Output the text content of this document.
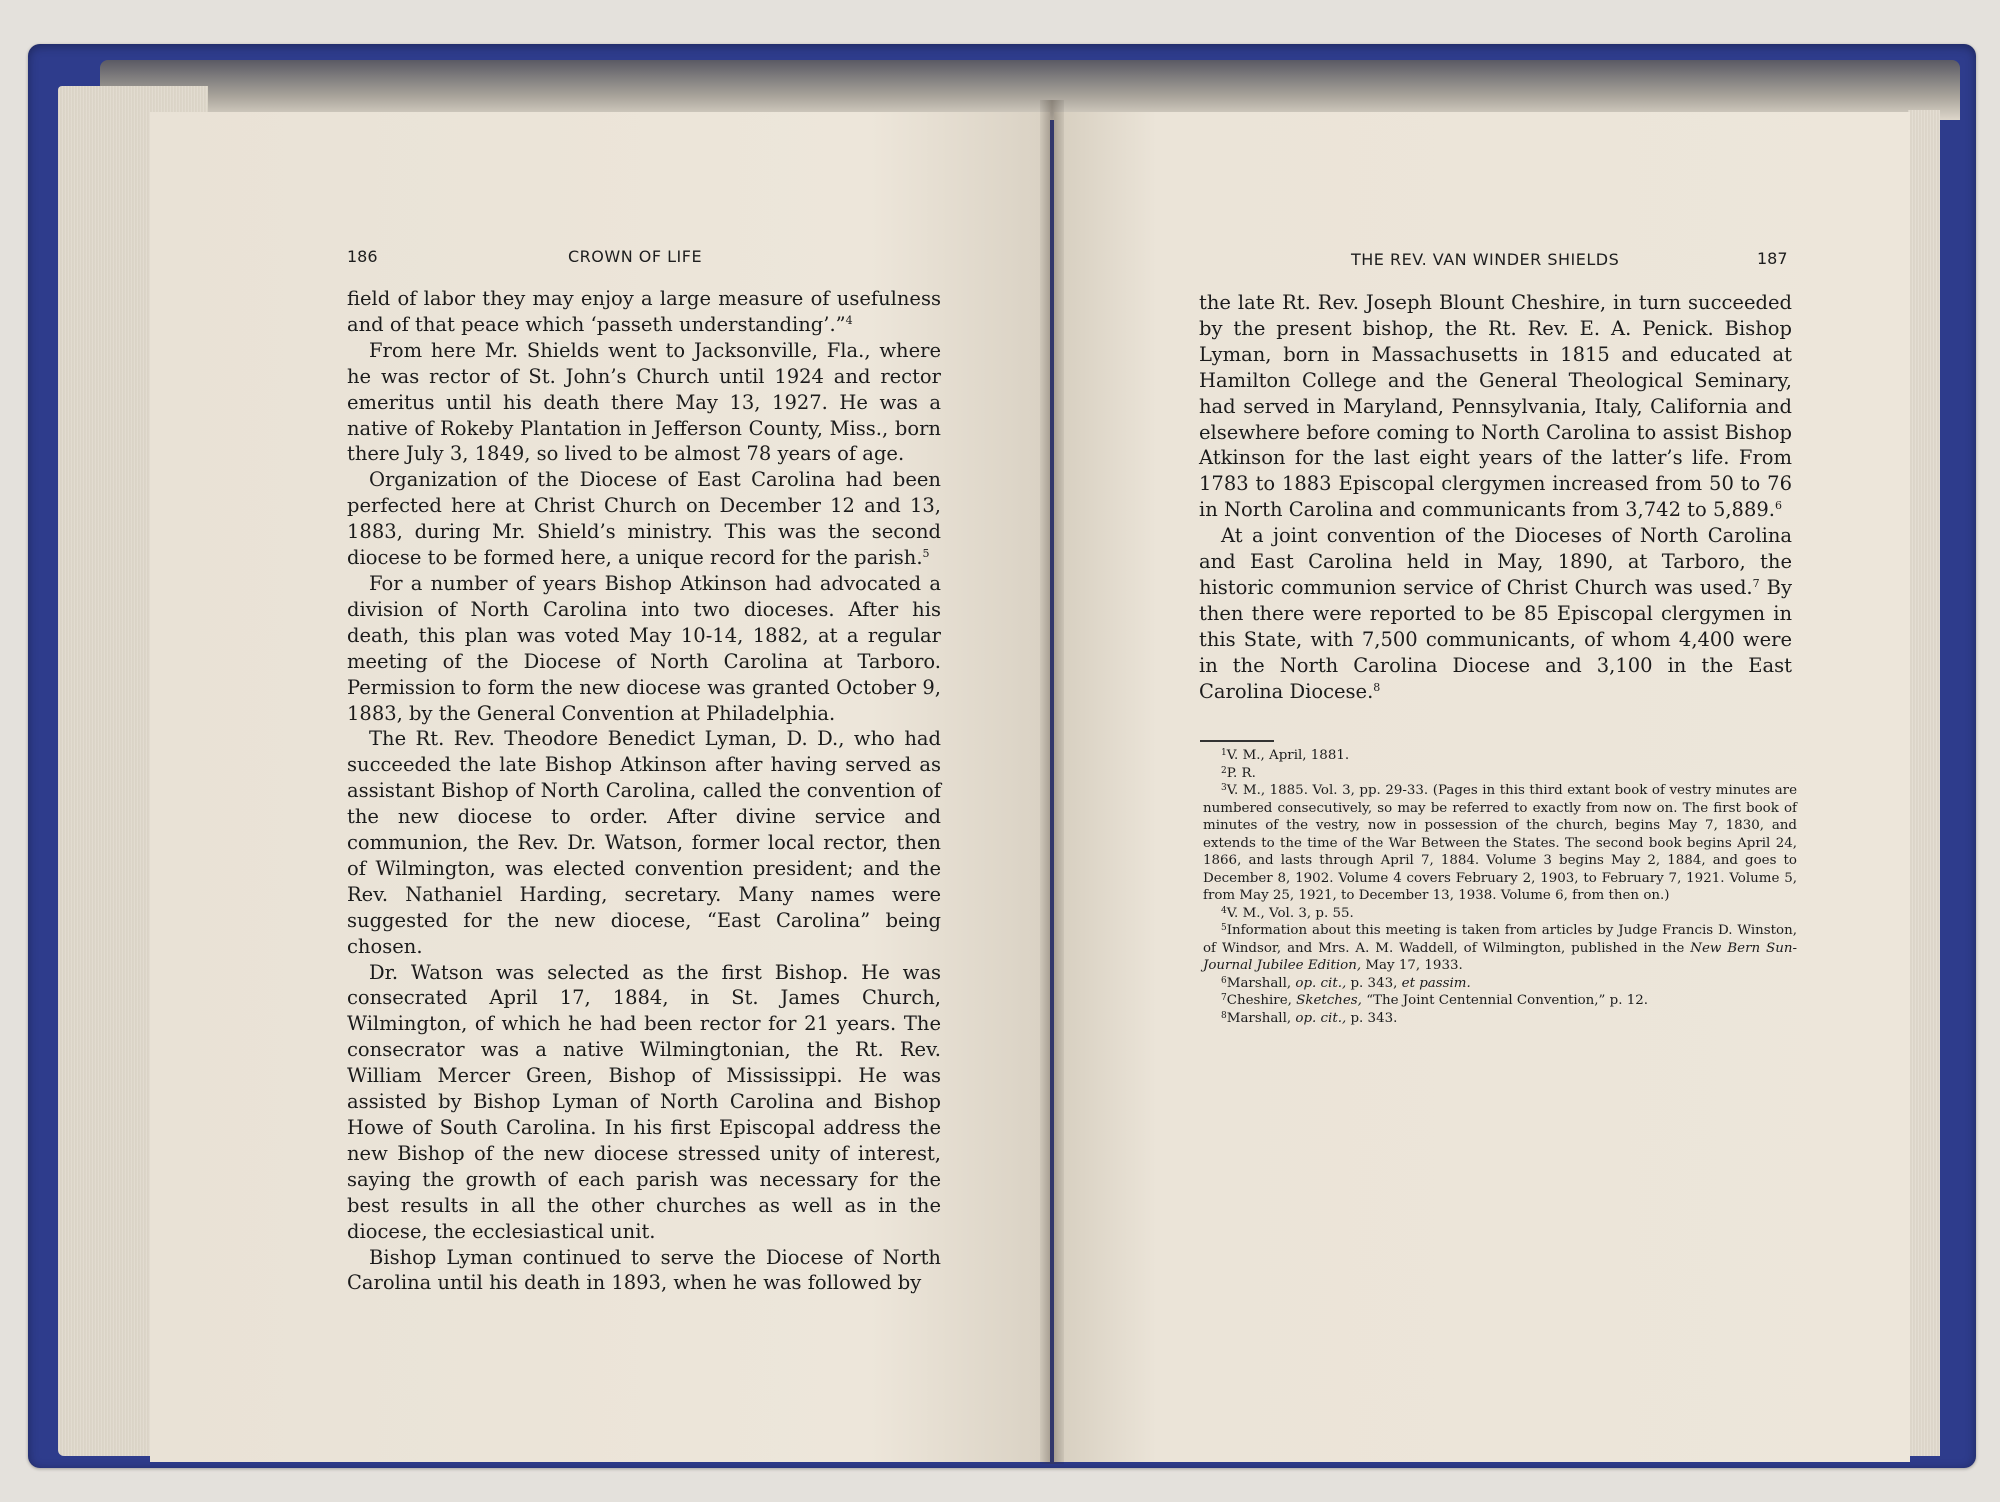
186	CROWN OF LIFE	THE REV. VAN WINDER SHIELDS	187

field of labor they may enjoy a large measure of usefulness and of that peace which ‘passeth understanding’.”$^4$

From here Mr. Shields went to Jacksonville, Fla., where he was rector of St. John’s Church until 1924 and rector emeritus until his death there May 13, 1927. He was a native of Rokeby Plantation in Jefferson County, Miss., born there July 3, 1849, so lived to be almost 78 years of age.

Organization of the Diocese of East Carolina had been perfected here at Christ Church on December 12 and 13, 1883, during Mr. Shield’s ministry. This was the second diocese to be formed here, a unique record for the parish.$^5$

For a number of years Bishop Atkinson had advocated a division of North Carolina into two dioceses. After his death, this plan was voted May 10-14, 1882, at a regular meeting of the Diocese of North Carolina at Tarboro. Permission to form the new diocese was granted October 9, 1883, by the General Convention at Philadelphia.

The Rt. Rev. Theodore Benedict Lyman, D. D., who had succeeded the late Bishop Atkinson after having served as assistant Bishop of North Carolina, called the convention of the new diocese to order. After divine service and communion, the Rev. Dr. Watson, former local rector, then of Wilmington, was elected convention president; and the Rev. Nathaniel Harding, secretary. Many names were suggested for the new diocese, “East Carolina” being chosen.

Dr. Watson was selected as the first Bishop. He was consecrated April 17, 1884, in St. James Church, Wilmington, of which he had been rector for 21 years. The consecrator was a native Wilmingtonian, the Rt. Rev. William Mercer Green, Bishop of Mississippi. He was assisted by Bishop Lyman of North Carolina and Bishop Howe of South Carolina. In his first Episcopal address the new Bishop of the new diocese stressed unity of interest, saying the growth of each parish was necessary for the best results in all the other churches as well as in the diocese, the ecclesiastical unit.

Bishop Lyman continued to serve the Diocese of North Carolina until his death in 1893, when he was followed by

the late Rt. Rev. Joseph Blount Cheshire, in turn succeeded by the present bishop, the Rt. Rev. E. A. Penick. Bishop Lyman, born in Massachusetts in 1815 and educated at Hamilton College and the General Theological Seminary, had served in Maryland, Pennsylvania, Italy, California and elsewhere before coming to North Carolina to assist Bishop Atkinson for the last eight years of the latter’s life. From 1783 to 1883 Episcopal clergymen increased from 50 to 76 in North Carolina and communicants from 3,742 to 5,889.$^6$

At a joint convention of the Dioceses of North Carolina and East Carolina held in May, 1890, at Tarboro, the historic communion service of Christ Church was used.$^7$ By then there were reported to be 85 Episcopal clergymen in this State, with 7,500 communicants, of whom 4,400 were in the North Carolina Diocese and 3,100 in the East Carolina Diocese.$^8$

$^1$V. M., April, 1881.

$^2$P. R.

$^3$V. M., 1885. Vol. 3, pp. 29-33. (Pages in this third extant book of vestry minutes are numbered consecutively, so may be referred to exactly from now on. The first book of minutes of the vestry, now in possession of the church, begins May 7, 1830, and extends to the time of the War Between the States. The second book begins April 24, 1866, and lasts through April 7, 1884. Volume 3 begins May 2, 1884, and goes to December 8, 1902. Volume 4 covers February 2, 1903, to February 7, 1921. Volume 5, from May 25, 1921, to December 13, 1938. Volume 6, from then on.)

$^4$V. M., Vol. 3, p. 55.

$^5$Information about this meeting is taken from articles by Judge Francis D. Winston, of Windsor, and Mrs. A. M. Waddell, of Wilmington, published in the New Bern Sun-Journal Jubilee Edition, May 17, 1933.

$^6$Marshall, op. cit., p. 343, et passim.

$^7$Cheshire, Sketches, “The Joint Centennial Convention,” p. 12.

$^8$Marshall, op. cit., p. 343.
